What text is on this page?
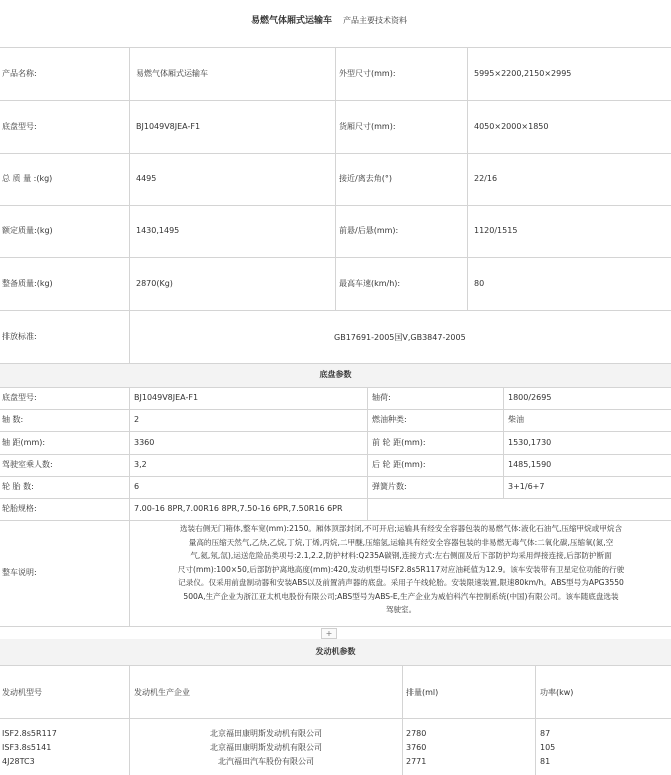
易燃气体厢式运输车 产品主要技术资料
产品名称:	易燃气体厢式运输车	外型尺寸(mm):	5995×2200,2150×2995
底盘型号:	BJ1049V8JEA-F1	货厢尺寸(mm):	4050×2000×1850
总 质 量 :(kg)	4495	接近/离去角(°)	22/16
额定质量:(kg)	1430,1495	前悬/后悬(mm):	1120/1515
整备质量:(kg)	2870(Kg)	最高车速(km/h):	80
排放标准:	GB17691-2005国Ⅴ,GB3847-2005
底盘参数
底盘型号:	BJ1049V8JEA-F1	轴荷:	1800/2695
轴 数:	2	燃油种类:	柴油
轴 距(mm):	3360	前 轮 距(mm):	1530,1730
驾驶室乘人数:	3,2	后 轮 距(mm):	1485,1590
轮 胎 数:	6	弹簧片数:	3+1/6+7
轮胎规格:	7.00-16 8PR,7.00R16 8PR,7.50-16 6PR,7.50R16 6PR
整车说明:
选装右侧无门箱体,整车宽(mm):2150。厢体顶部封闭,不可开启;运输具有经安全容器包装的易燃气体:液化石油气,压缩甲烷或甲烷含
量高的压缩天然气,乙炔,乙烷,丁烷,丁烯,丙烷,二甲醚,压缩氢,运输具有经安全容器包装的非易燃无毒气体:二氧化碳,压缩氧(氮,空
气,氦,氖,氙),运送危险品类项号:2.1,2.2,防护材料:Q235A碳钢,连接方式:左右侧面及后下部防护均采用焊接连接,后部防护断面
尺寸(mm):100×50,后部防护离地高度(mm):420,发动机型号ISF2.8s5R117对应油耗值为12.9。该车安装带有卫星定位功能的行驶
记录仪。仅采用前盘制动器和安装ABS以及前置消声器的底盘。采用子午线轮胎。安装限速装置,限速80km/h。ABS型号为APG3550
500A,生产企业为浙江亚太机电股份有限公司;ABS型号为ABS-E,生产企业为威伯科汽车控制系统(中国)有限公司。该车随底盘选装
驾驶室。
+
发动机参数
发动机型号	发动机生产企业	排量(ml)	功率(kw)
ISF2.8s5R117	北京福田康明斯发动机有限公司	2780	87
ISF3.8s5141	北京福田康明斯发动机有限公司	3760	105
4J28TC3	北汽福田汽车股份有限公司	2771	81
